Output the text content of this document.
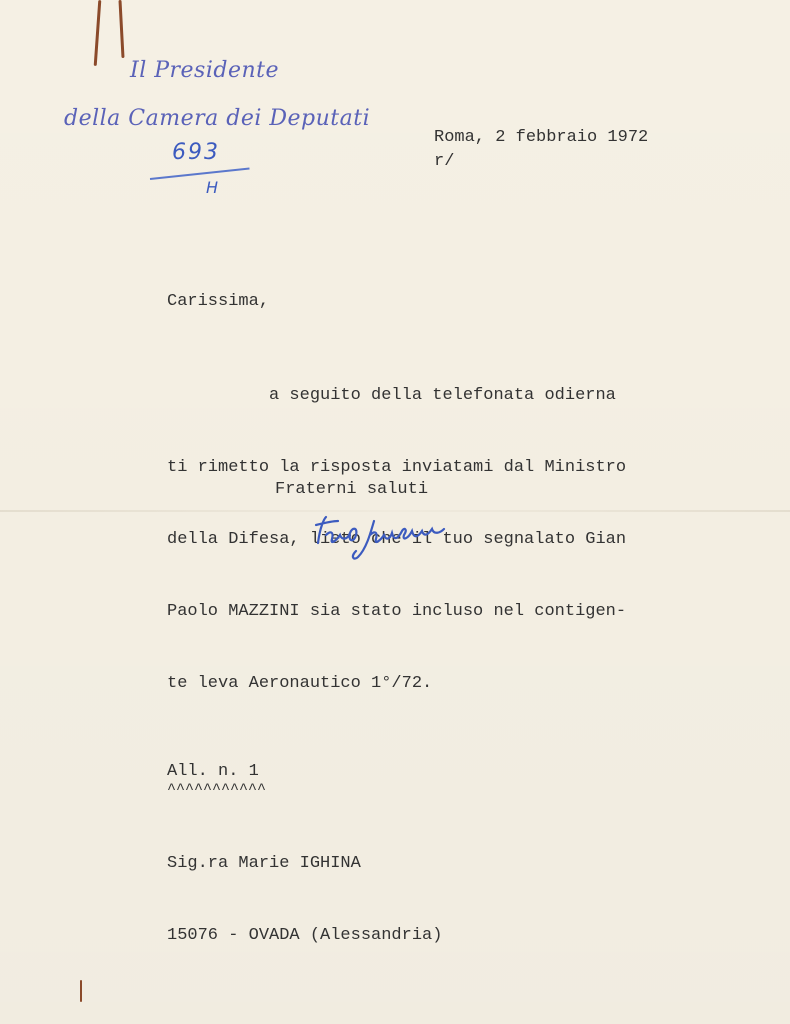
Il Presidente
della Camera dei Deputati
693
H
Roma, 2 febbraio 1972
r/
Carissima,

a seguito della telefonata odierna

ti rimetto la risposta inviatami dal Ministro

della Difesa, lieto che il tuo segnalato Gian

Paolo MAZZINI sia stato incluso nel contigen-

te leva Aeronautico 1°/72.

Fraterni saluti
All. n. 1
^^^^^^^^^^^

Sig.ra Marie IGHINA

15076 - OVADA (Alessandria)
